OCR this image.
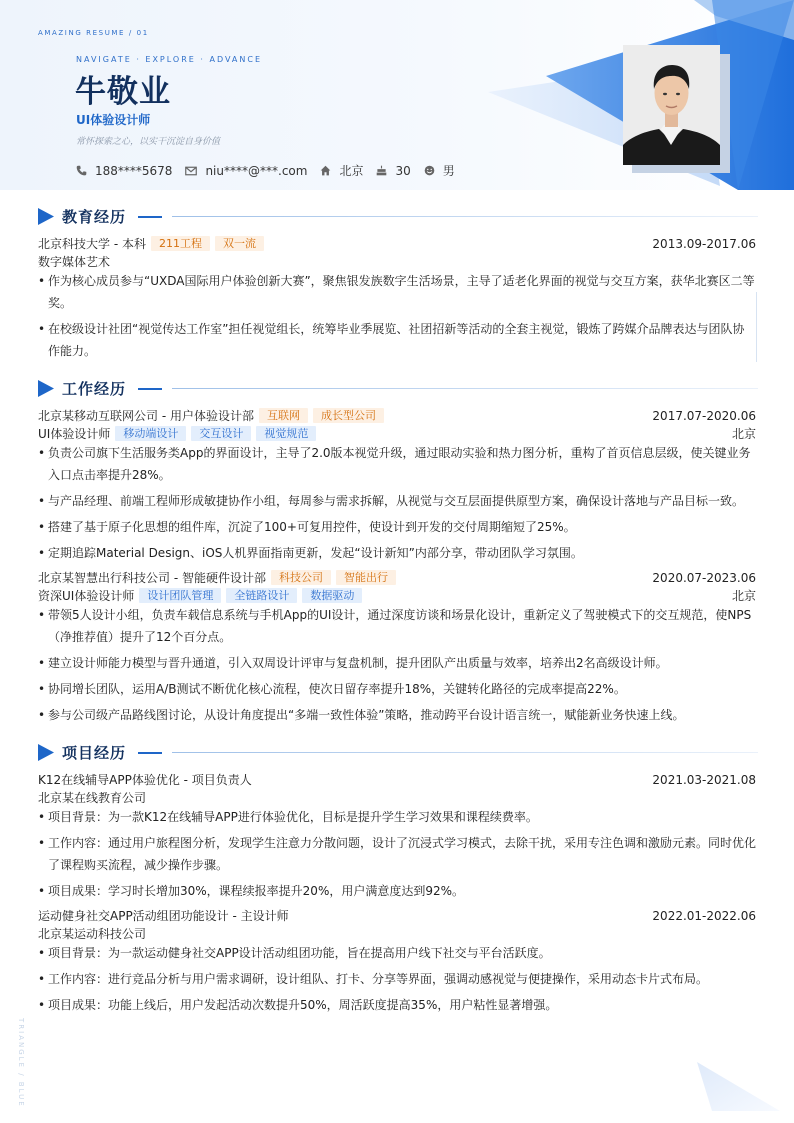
AMAZING RESUME / 01
NAVIGATE · EXPLORE · ADVANCE
牛敬业
UI体验设计师
常怀探索之心，以实干沉淀自身价值
188****5678	niu****@***.com	北京	30	男
教育经历
北京科技大学 - 本科	211工程	双一流	2013.09-2017.06
数字媒体艺术
• 作为核心成员参与“UXDA国际用户体验创新大赛”，聚焦银发族数字生活场景，主导了适老化界面的视觉与交互方案，获华北赛区二等奖。
• 在校级设计社团“视觉传达工作室”担任视觉组长，统筹毕业季展览、社团招新等活动的全套主视觉，锻炼了跨媒介品牌表达与团队协作能力。
工作经历
北京某移动互联网公司 - 用户体验设计部	互联网	成长型公司	2017.07-2020.06
UI体验设计师	移动端设计	交互设计	视觉规范	北京
• 负责公司旗下生活服务类App的界面设计，主导了2.0版本视觉升级，通过眼动实验和热力图分析，重构了首页信息层级，使关键业务入口点击率提升28%。
• 与产品经理、前端工程师形成敏捷协作小组，每周参与需求拆解，从视觉与交互层面提供原型方案，确保设计落地与产品目标一致。
• 搭建了基于原子化思想的组件库，沉淀了100+可复用控件，使设计到开发的交付周期缩短了25%。
• 定期追踪Material Design、iOS人机界面指南更新，发起“设计新知”内部分享，带动团队学习氛围。
北京某智慧出行科技公司 - 智能硬件设计部	科技公司	智能出行	2020.07-2023.06
资深UI体验设计师	设计团队管理	全链路设计	数据驱动	北京
• 带领5人设计小组，负责车载信息系统与手机App的UI设计，通过深度访谈和场景化设计，重新定义了驾驶模式下的交互规范，使NPS（净推荐值）提升了12个百分点。
• 建立设计师能力模型与晋升通道，引入双周设计评审与复盘机制，提升团队产出质量与效率，培养出2名高级设计师。
• 协同增长团队，运用A/B测试不断优化核心流程，使次日留存率提升18%，关键转化路径的完成率提高22%。
• 参与公司级产品路线图讨论，从设计角度提出“多端一致性体验”策略，推动跨平台设计语言统一，赋能新业务快速上线。
项目经历
K12在线辅导APP体验优化 - 项目负责人	2021.03-2021.08
北京某在线教育公司
• 项目背景：为一款K12在线辅导APP进行体验优化，目标是提升学生学习效果和课程续费率。
• 工作内容：通过用户旅程图分析，发现学生注意力分散问题，设计了沉浸式学习模式，去除干扰，采用专注色调和激励元素。同时优化了课程购买流程，减少操作步骤。
• 项目成果：学习时长增加30%，课程续报率提升20%，用户满意度达到92%。
运动健身社交APP活动组团功能设计 - 主设计师	2022.01-2022.06
北京某运动科技公司
• 项目背景：为一款运动健身社交APP设计活动组团功能，旨在提高用户线下社交与平台活跃度。
• 工作内容：进行竞品分析与用户需求调研，设计组队、打卡、分享等界面，强调动感视觉与便捷操作，采用动态卡片式布局。
• 项目成果：功能上线后，用户发起活动次数提升50%，周活跃度提高35%，用户粘性显著增强。
TRIANGLE / BLUE
